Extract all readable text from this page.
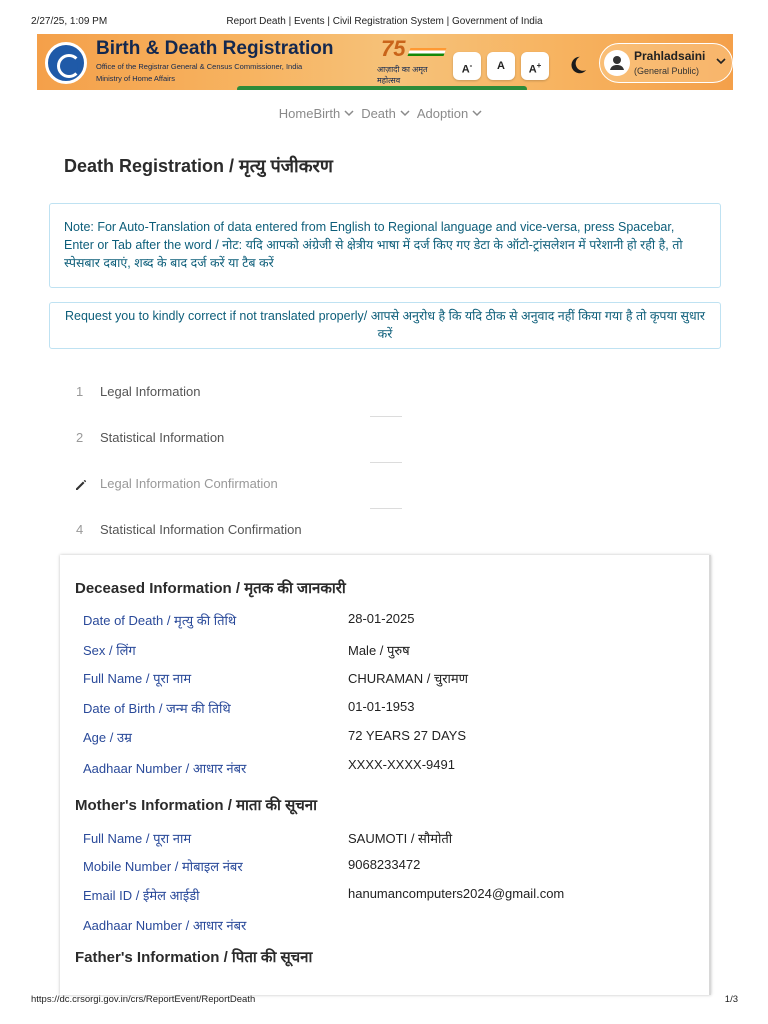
2/27/25, 1:09 PM	Report Death | Events | Civil Registration System | Government of India
Birth & Death Registration
Office of the Registrar General & Census Commissioner, India
Ministry of Home Affairs
75
आज़ादी का अमृत महोत्सव
A-	A	A+
Prahladsaini
(General Public)
HomeBirth Death Adoption
Death Registration / मृत्यु पंजीकरण
Note: For Auto-Translation of data entered from English to Regional language and vice-versa, press Spacebar, Enter or Tab after the word / नोट: यदि आपको अंग्रेजी से क्षेत्रीय भाषा में दर्ज किए गए डेटा के ऑटो-ट्रांसलेशन में परेशानी हो रही है, तो स्पेसबार दबाएं, शब्द के बाद दर्ज करें या टैब करें
Request you to kindly correct if not translated properly/ आपसे अनुरोध है कि यदि ठीक से अनुवाद नहीं किया गया है तो कृपया सुधार करें
1	Legal Information
2	Statistical Information
Legal Information Confirmation
4	Statistical Information Confirmation
Deceased Information / मृतक की जानकारी
Date of Death / मृत्यु की तिथि	28-01-2025
Sex / लिंग	Male / पुरुष
Full Name / पूरा नाम	CHURAMAN / चुरामण
Date of Birth / जन्म की तिथि	01-01-1953
Age / उम्र	72 YEARS 27 DAYS
Aadhaar Number / आधार नंबर	XXXX-XXXX-9491
Mother's Information / माता की सूचना
Full Name / पूरा नाम	SAUMOTI / सौमोती
Mobile Number / मोबाइल नंबर	9068233472
Email ID / ईमेल आईडी	hanumancomputers2024@gmail.com
Aadhaar Number / आधार नंबर
Father's Information / पिता की सूचना
https://dc.crsorgi.gov.in/crs/ReportEvent/ReportDeath	1/3
